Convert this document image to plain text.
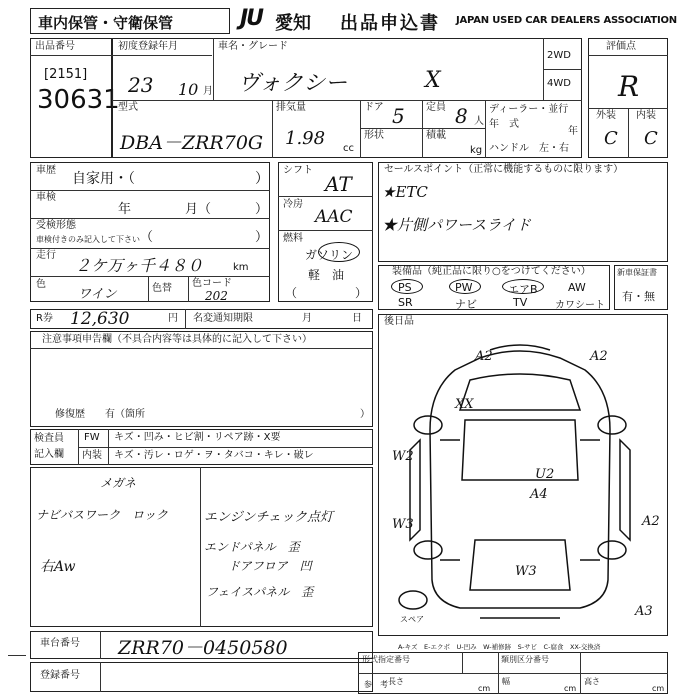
車内保管・守衛保管	JU 愛知 出品申込書 JAPAN USED CAR DEALERS ASSOCIATION
出品番号
[2151]
30631
初度登録年月
23 10 月
車名・グレード
ヴォクシー	X
2WD
4WD
型式
DBA－ZRR70G
排気量
1.98 cc
ドア 5
形状
定員 8 人
積載
kg
ディーラー・並行
年　式
年
ハンドル　左・右
評価点
R
外装 内装
C C
車歴
自家用・（	）
車検
年	月（	）
受検形態
車検付きのみ記入して下さい （	）
走行
２ケ万ヶ千４８０	km
色
ワイン	色替 色コード
202
シフト
AT
冷房
AAC
燃料
ガソリン
軽　油
（	）
セールスポイント（正常に機能するものに限ります）
★ETC
★片側パワースライド
装備品（純正品に限り○をつけてください）
PS	PW	エアB	AW
SR	ナビ	TV	カワシート
新車保証書
有・無
R券 12,630	円 名変通知期限	月	日 後日品
注意事項申告欄（不具合内容等は具体的に記入して下さい）
修復歴　　有（箇所	）
検査員
記入欄
FW キズ・凹み・ヒビ割・リペア跡・X要
内装 キズ・汚レ・ロゲ・ヲ・タバコ・キレ・破レ
メガネ
ナビバスワーク　ロック	エンジンチェック点灯
エンドパネル　歪
ドアフロア　凹
フェイスパネル　歪
右Aw
A2	A2
XX
W2
U2
A4
W3	A2
W3
A3
スペア
A-キズ　E-エクボ　U-凹み　W-補修跡　S-サビ　C-腐食　XX-交換済
車台番号 ZRR70－0450580
登録番号
形式指定番号	類別区分番号
参　考 長さ
cm
幅
cm
高さ
cm
